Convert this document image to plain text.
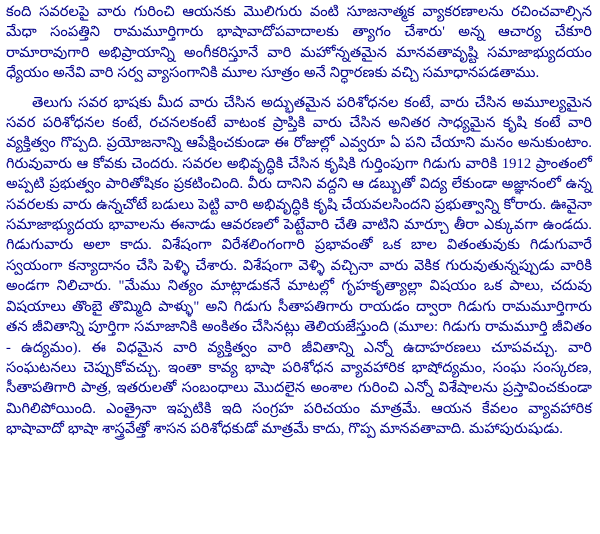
కంది సవరలపై వారు గురించి ఆయనకు మొలిగురు వంటి సూజనాత్మక వ్యాకరణాలను రచించవాల్సిన మేధా సంపత్తిని రామమూర్తిగారు భాషావాదోపవాదాలకు త్యాగం చేశారు' అన్న ఆచార్య చేకూరి రామారావుగారి అభిప్రాయాన్ని అంగీకరిస్తూనే వారి మహోన్నతమైన మానవతావృష్టి సమాజాభ్యుదయం ధ్యేయం అనేవి వారి సర్వ వ్యాసంగానికి మూల సూత్రం అనే నిర్ధారణకు వచ్చి సమాధానపడతాము.

తెలుగు సవర భాషకు మీద వారు చేసిన అద్భుతమైన పరిశోధనల కంటే, వారు చేసిన అమూల్యమైన సవర పరిశోధనల కంటే, రచనలకంటే వాటంక ప్రాప్తికి వారు చేసిన అనితర సాధ్యమైన కృషి కంటే వారి వ్యక్తిత్వం గొప్పది. ప్రయోజనాన్ని ఆపేక్షించకుండా ఈ రోజుల్లో ఎవ్వరూ ఏ పని చేయాని మనం అనుకుంటాం. గిరువువారు ఆ కోవకు చెందరు. సవరల అభివృద్ధికి చేసిన కృషికి గుర్తింపుగా గిడుగు వారికి 1912 ప్రాంతంలో అప్పటి ప్రభుత్వం పారితోషికం ప్రకటించింది. వీరు దానిని వద్దని ఆ డబ్బుతో విద్య లేకుండా అజ్ఞానంలో ఉన్న సవరలకు వారు ఉన్నచోటే బడులు పెట్టి వారి అభివృద్ధికి కృషి చేయవలసిందని ప్రభుత్వాన్ని కోరారు. ఊవైనా సమాజాభ్యుదయ భావాలను ఈనాడు ఆవరణలో పెట్టేవారి చేతి వాటిని మార్చూ తీరా ఎక్కువగా ఉండదు. గిడుగువారు అలా కాదు. విశేషంగా విరేశలింగంగారి ప్రభావంతో ఒక బాల వితంతువుకు గిడుగువారే స్వయంగా కన్యాదానం చేసి పెళ్ళి చేశారు. విశేషంగా వెళ్ళి వచ్చినా వారు వెకిక గురువుతున్నప్పుడు వారికి అండగా నిలిచారు. "మేము నిత్యం మాట్లాడుకనే మాటల్లో గృహకృత్యాల్లా విషయం ఒక పాలు, చదువు విషయాలు తొంబై తొమ్మిది పాళ్ళు" అని గిడుగు సీతాపతిగారు రాయడం ద్వారా గిడుగు రామమూర్తిగారు తన జీవితాన్ని పూర్తిగా సమాజానికి అంకితం చేసినట్లు తెలియజేస్తుంది (మూల: గిడుగు రామమూర్తి జీవితం - ఉద్యమం). ఈ విధమైన వారి వ్యక్తిత్వం వారి జీవితాన్ని ఎన్నో ఉదాహరణలు చూపవచ్చు. వారి సంఘటనలు చెప్పుకోవచ్చు. ఇంతా కావ్య భాషా పరిశోధన వ్యావహారిక భాషోద్యమం, సంఘ సంస్కరణ, సీతాపతిగారి పాత్ర, ఇతరులతో సంబంధాలు మొదలైన అంశాల గురించి ఎన్నో విశేషాలను ప్రస్తావించకుండా మిగిలిపోయింది. ఎంత్రైనా ఇప్పటికి ఇది సంగ్రహ పరిచయం మాత్రమే. ఆయన కేవలం వ్యావహారిక భాషావాదో భాషా శాస్త్రవేత్తో శాసన పరిశోధకుడో మాత్రమే కాదు, గొప్ప మానవతావాది. మహాపురుషుడు.
